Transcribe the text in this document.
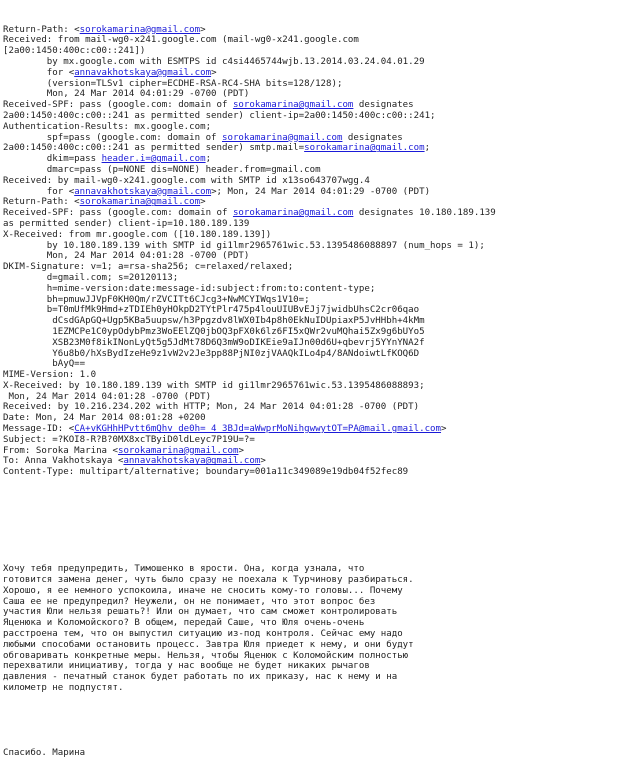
Return-Path: <sorokamarina@gmail.com>
Received: from mail-wg0-x241.google.com (mail-wg0-x241.google.com
[2a00:1450:400c:c00::241])
by mx.google.com with ESMTPS id c4si4465744wjb.13.2014.03.24.04.01.29
for <annavakhotskaya@gmail.com>
(version=TLSv1 cipher=ECDHE-RSA-RC4-SHA bits=128/128);
Mon, 24 Mar 2014 04:01:29 -0700 (PDT)
Received-SPF: pass (google.com: domain of sorokamarina@gmail.com designates
2a00:1450:400c:c00::241 as permitted sender) client-ip=2a00:1450:400c:c00::241;
Authentication-Results: mx.google.com;
spf=pass (google.com: domain of sorokamarina@gmail.com designates
2a00:1450:400c:c00::241 as permitted sender) smtp.mail=sorokamarina@gmail.com;
dkim=pass header.i=@gmail.com;
dmarc=pass (p=NONE dis=NONE) header.from=gmail.com
Received: by mail-wg0-x241.google.com with SMTP id x13so643707wgg.4
for <annavakhotskaya@gmail.com>; Mon, 24 Mar 2014 04:01:29 -0700 (PDT)
Return-Path: <sorokamarina@gmail.com>
Received-SPF: pass (google.com: domain of sorokamarina@gmail.com designates 10.180.189.139
as permitted sender) client-ip=10.180.189.139
X-Received: from mr.google.com ([10.180.189.139])
by 10.180.189.139 with SMTP id gi1lmr2965761wic.53.1395486088897 (num_hops = 1);
Mon, 24 Mar 2014 04:01:28 -0700 (PDT)
DKIM-Signature: v=1; a=rsa-sha256; c=relaxed/relaxed;
d=gmail.com; s=20120113;
h=mime-version:date:message-id:subject:from:to:content-type;
bh=pmuwJJVpF0KH0Qm/rZVCITt6CJcg3+NwMCYIWqs1V10=;
b=T0mUfMk9Hmd+zTDIEh0yHOkpD2TYtPlr475p4louUIUBvEJj7jwidbUhsC2cr06qao
dCsdGApGQ+Ugp5KBa5uupsw/h3Ppgzdv8lWX0Ib4p8h0EkNuIDUpiaxP5JvHHbh+4kMm
1EZMCPe1C0ypOdybPmz3WoEElZQ0jbOQ3pFX0k6lz6FI5xQWr2vuMQhai5Zx9g6bUYo5
XSB23M0f8ikINonLyQt5g5JdMt78D6Q3mW9oDIKEie9aIJn00d6U+qbevrj5YYnYNA2f
Y6u8b0/hXsBydIzeHe9z1vW2v2Je3pp88PjNI0zjVAAQkILo4p4/8ANdoiwtLfKOQ6D
bAyQ==
MIME-Version: 1.0
X-Received: by 10.180.189.139 with SMTP id gi1lmr2965761wic.53.1395486088893;
Mon, 24 Mar 2014 04:01:28 -0700 (PDT)
Received: by 10.216.234.202 with HTTP; Mon, 24 Mar 2014 04:01:28 -0700 (PDT)
Date: Mon, 24 Mar 2014 08:01:28 +0200
Message-ID: <CA+vKGHhHPvtt6mQhv_de0h=_4_3BJd=aWwprMoNihgwwytOT=PA@mail.gmail.com>
Subject: =?KOI8-R?B?0MX8xcTByiD0ldLeyc7P19U=?=
From: Soroka Marina <sorokamarina@gmail.com>
To: Anna Vakhotskaya <annavakhotskaya@gmail.com>
Content-Type: multipart/alternative; boundary=001a11c349089e19db04f52fec89

Хочу тебя предупредить, Тимошенко в ярости. Она, когда узнала, что
готовится замена денег, чуть было сразу не поехала к Турчинову разбираться.
Хорошо, я ее немного успокоила, иначе не сносить кому-то головы... Почему
Саша ее не предупредил? Неужели, он не понимает, что этот вопрос без
участия Юли нельзя решать?! Или он думает, что сам сможет контролировать
Яценюка и Коломойского? В общем, передай Саше, что Юля очень-очень
расстроена тем, что он выпустил ситуацию из-под контроля. Сейчас ему надо
любыми способами остановить процесс. Завтра Юля приедет к нему, и они будут
обговаривать конкретные меры. Нельзя, чтобы Яценюк с Коломойским полностью
перехватили инициативу, тогда у нас вообще не будет никаких рычагов
давления - печатный станок будет работать по их приказу, нас к нему и на
километр не подпустят.

Спасибо. Марина
